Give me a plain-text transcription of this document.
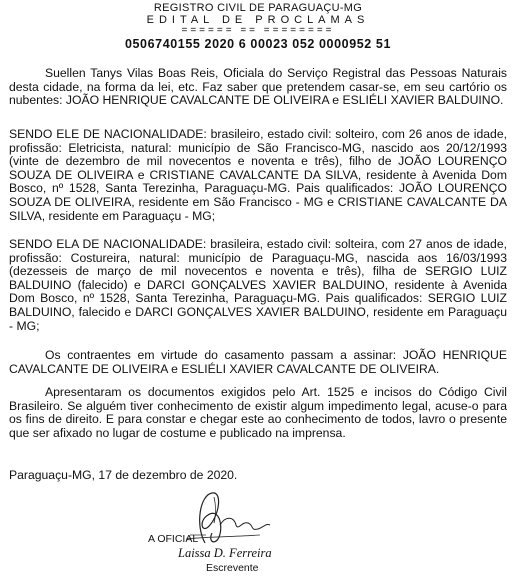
REGISTRO CIVIL DE PARAGUAÇU-MG
EDITAL DE PROCLAMAS
====== == ========
0506740155 2020 6 00023 052 0000952 51
Suellen Tanys Vilas Boas Reis, Oficiala do Serviço Registral das Pessoas Naturais desta cidade, na forma da lei, etc. Faz saber que pretendem casar-se, em seu cartório os nubentes: JOÃO HENRIQUE CAVALCANTE DE OLIVEIRA e ESLIÉLI XAVIER BALDUINO.
SENDO ELE DE NACIONALIDADE: brasileiro, estado civil: solteiro, com 26 anos de idade, profissão: Eletricista, natural: município de São Francisco-MG, nascido aos 20/12/1993 (vinte de dezembro de mil novecentos e noventa e três), filho de JOÃO LOURENÇO SOUZA DE OLIVEIRA e CRISTIANE CAVALCANTE DA SILVA, residente à Avenida Dom Bosco, nº 1528, Santa Terezinha, Paraguaçu-MG. Pais qualificados: JOÃO LOURENÇO SOUZA DE OLIVEIRA, residente em São Francisco - MG e CRISTIANE CAVALCANTE DA SILVA, residente em Paraguaçu - MG;
SENDO ELA DE NACIONALIDADE: brasileira, estado civil: solteira, com 27 anos de idade, profissão: Costureira, natural: município de Paraguaçu-MG, nascida aos 16/03/1993 (dezesseis de março de mil novecentos e noventa e três), filha de SERGIO LUIZ BALDUINO (falecido) e DARCI GONÇALVES XAVIER BALDUINO, residente à Avenida Dom Bosco, nº 1528, Santa Terezinha, Paraguaçu-MG. Pais qualificados: SERGIO LUIZ BALDUINO, falecido e DARCI GONÇALVES XAVIER BALDUINO, residente em Paraguaçu - MG;
Os contraentes em virtude do casamento passam a assinar: JOÃO HENRIQUE CAVALCANTE DE OLIVEIRA e ESLIÉLI XAVIER CAVALCANTE DE OLIVEIRA.
Apresentaram os documentos exigidos pelo Art. 1525 e incisos do Código Civil Brasileiro. Se alguém tiver conhecimento de existir algum impedimento legal, acuse-o para os fins de direito. E para constar e chegar este ao conhecimento de todos, lavro o presente que ser afixado no lugar de costume e publicado na imprensa.
Paraguaçu-MG, 17 de dezembro de 2020.
A OFICIAL
Laissa D. Ferreira
Escrevente
